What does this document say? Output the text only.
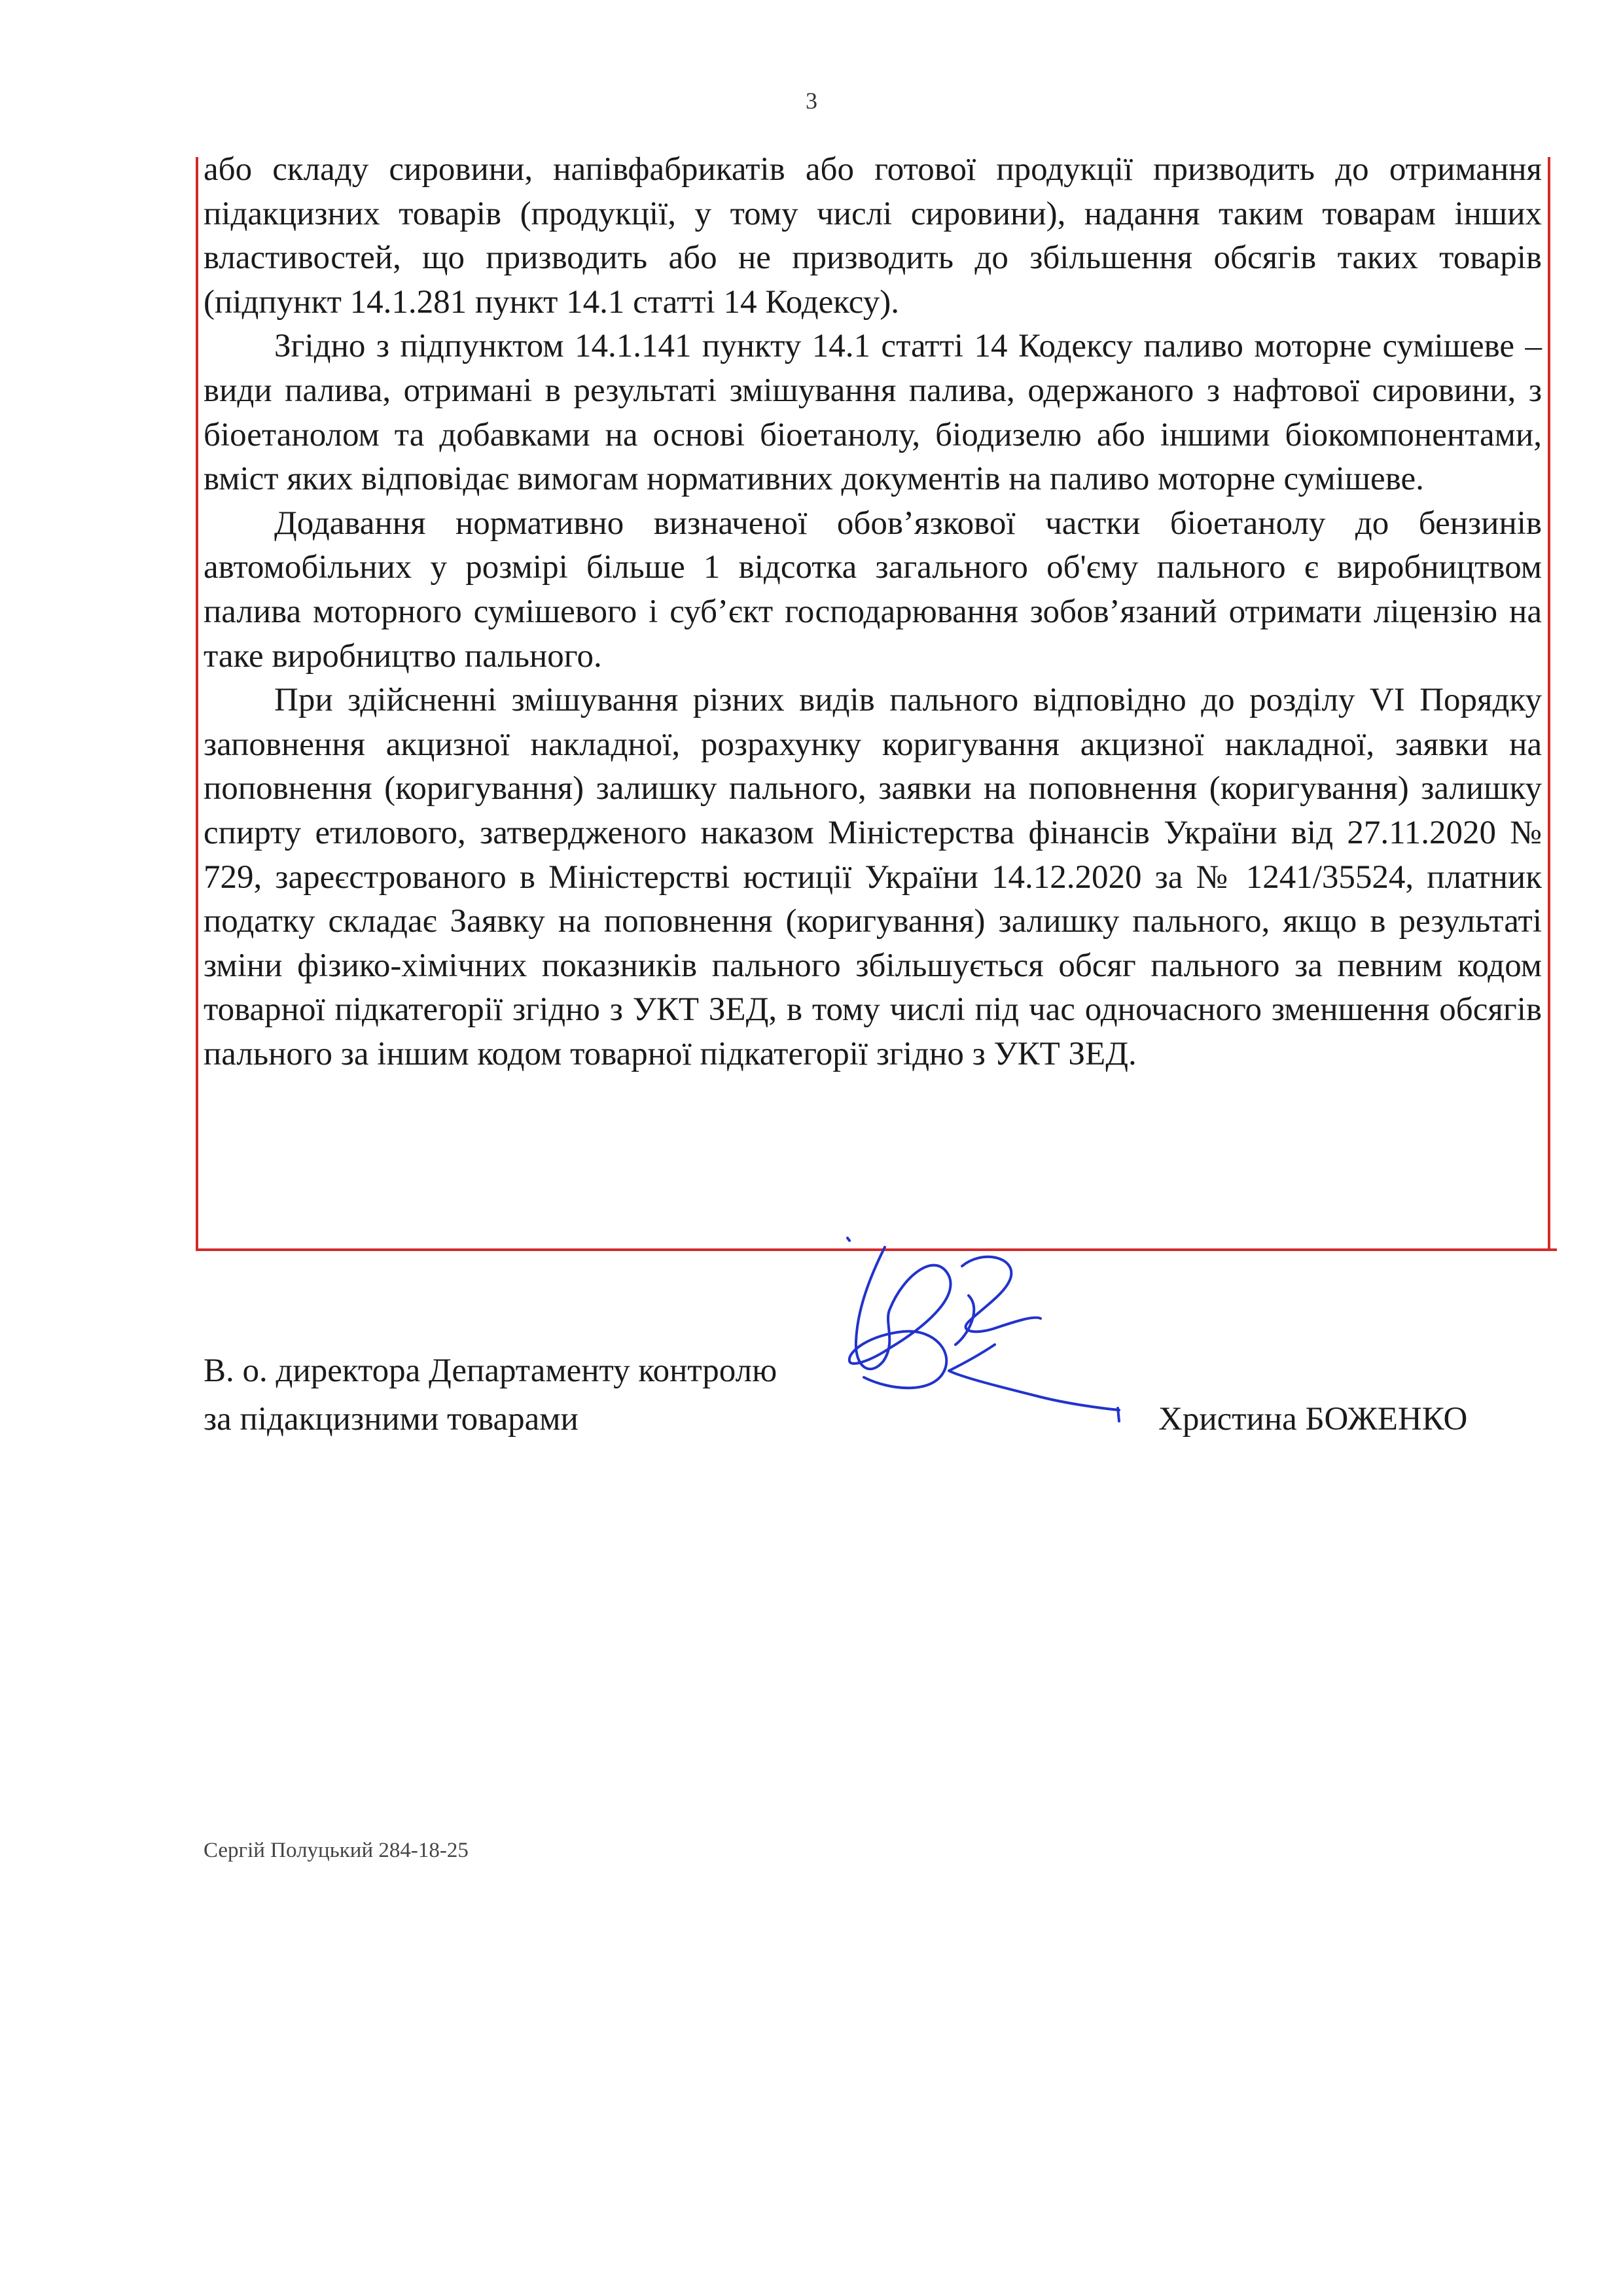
3

або складу сировини, напівфабрикатів або готової продукції призводить до отримання підакцизних товарів (продукції, у тому числі сировини), надання таким товарам інших властивостей, що призводить або не призводить до збільшення обсягів таких товарів (підпункт 14.1.281 пункт 14.1 статті 14 Кодексу).

Згідно з підпунктом 14.1.141 пункту 14.1 статті 14 Кодексу паливо моторне сумішеве – види палива, отримані в результаті змішування палива, одержаного з нафтової сировини, з біоетанолом та добавками на основі біоетанолу, біодизелю або іншими біокомпонентами, вміст яких відповідає вимогам нормативних документів на паливо моторне сумішеве.

Додавання нормативно визначеної обов’язкової частки біоетанолу до бензинів автомобільних у розмірі більше 1 відсотка загального об'єму пального є виробництвом палива моторного сумішевого і суб’єкт господарювання зобов’язаний отримати ліцензію на таке виробництво пального.

При здійсненні змішування різних видів пального відповідно до розділу VI Порядку заповнення акцизної накладної, розрахунку коригування акцизної накладної, заявки на поповнення (коригування) залишку пального, заявки на поповнення (коригування) залишку спирту етилового, затвердженого наказом Міністерства фінансів України від 27.11.2020 № 729, зареєстрованого в Міністерстві юстиції України 14.12.2020 за № 1241/35524, платник податку складає Заявку на поповнення (коригування) залишку пального, якщо в результаті зміни фізико-хімічних показників пального збільшується обсяг пального за певним кодом товарної підкатегорії згідно з УКТ ЗЕД, в тому числі під час одночасного зменшення обсягів пального за іншим кодом товарної підкатегорії згідно з УКТ ЗЕД.

В. о. директора Департаменту контролю
за підакцизними товарами	Христина БОЖЕНКО
Сергій Полуцький 284-18-25
